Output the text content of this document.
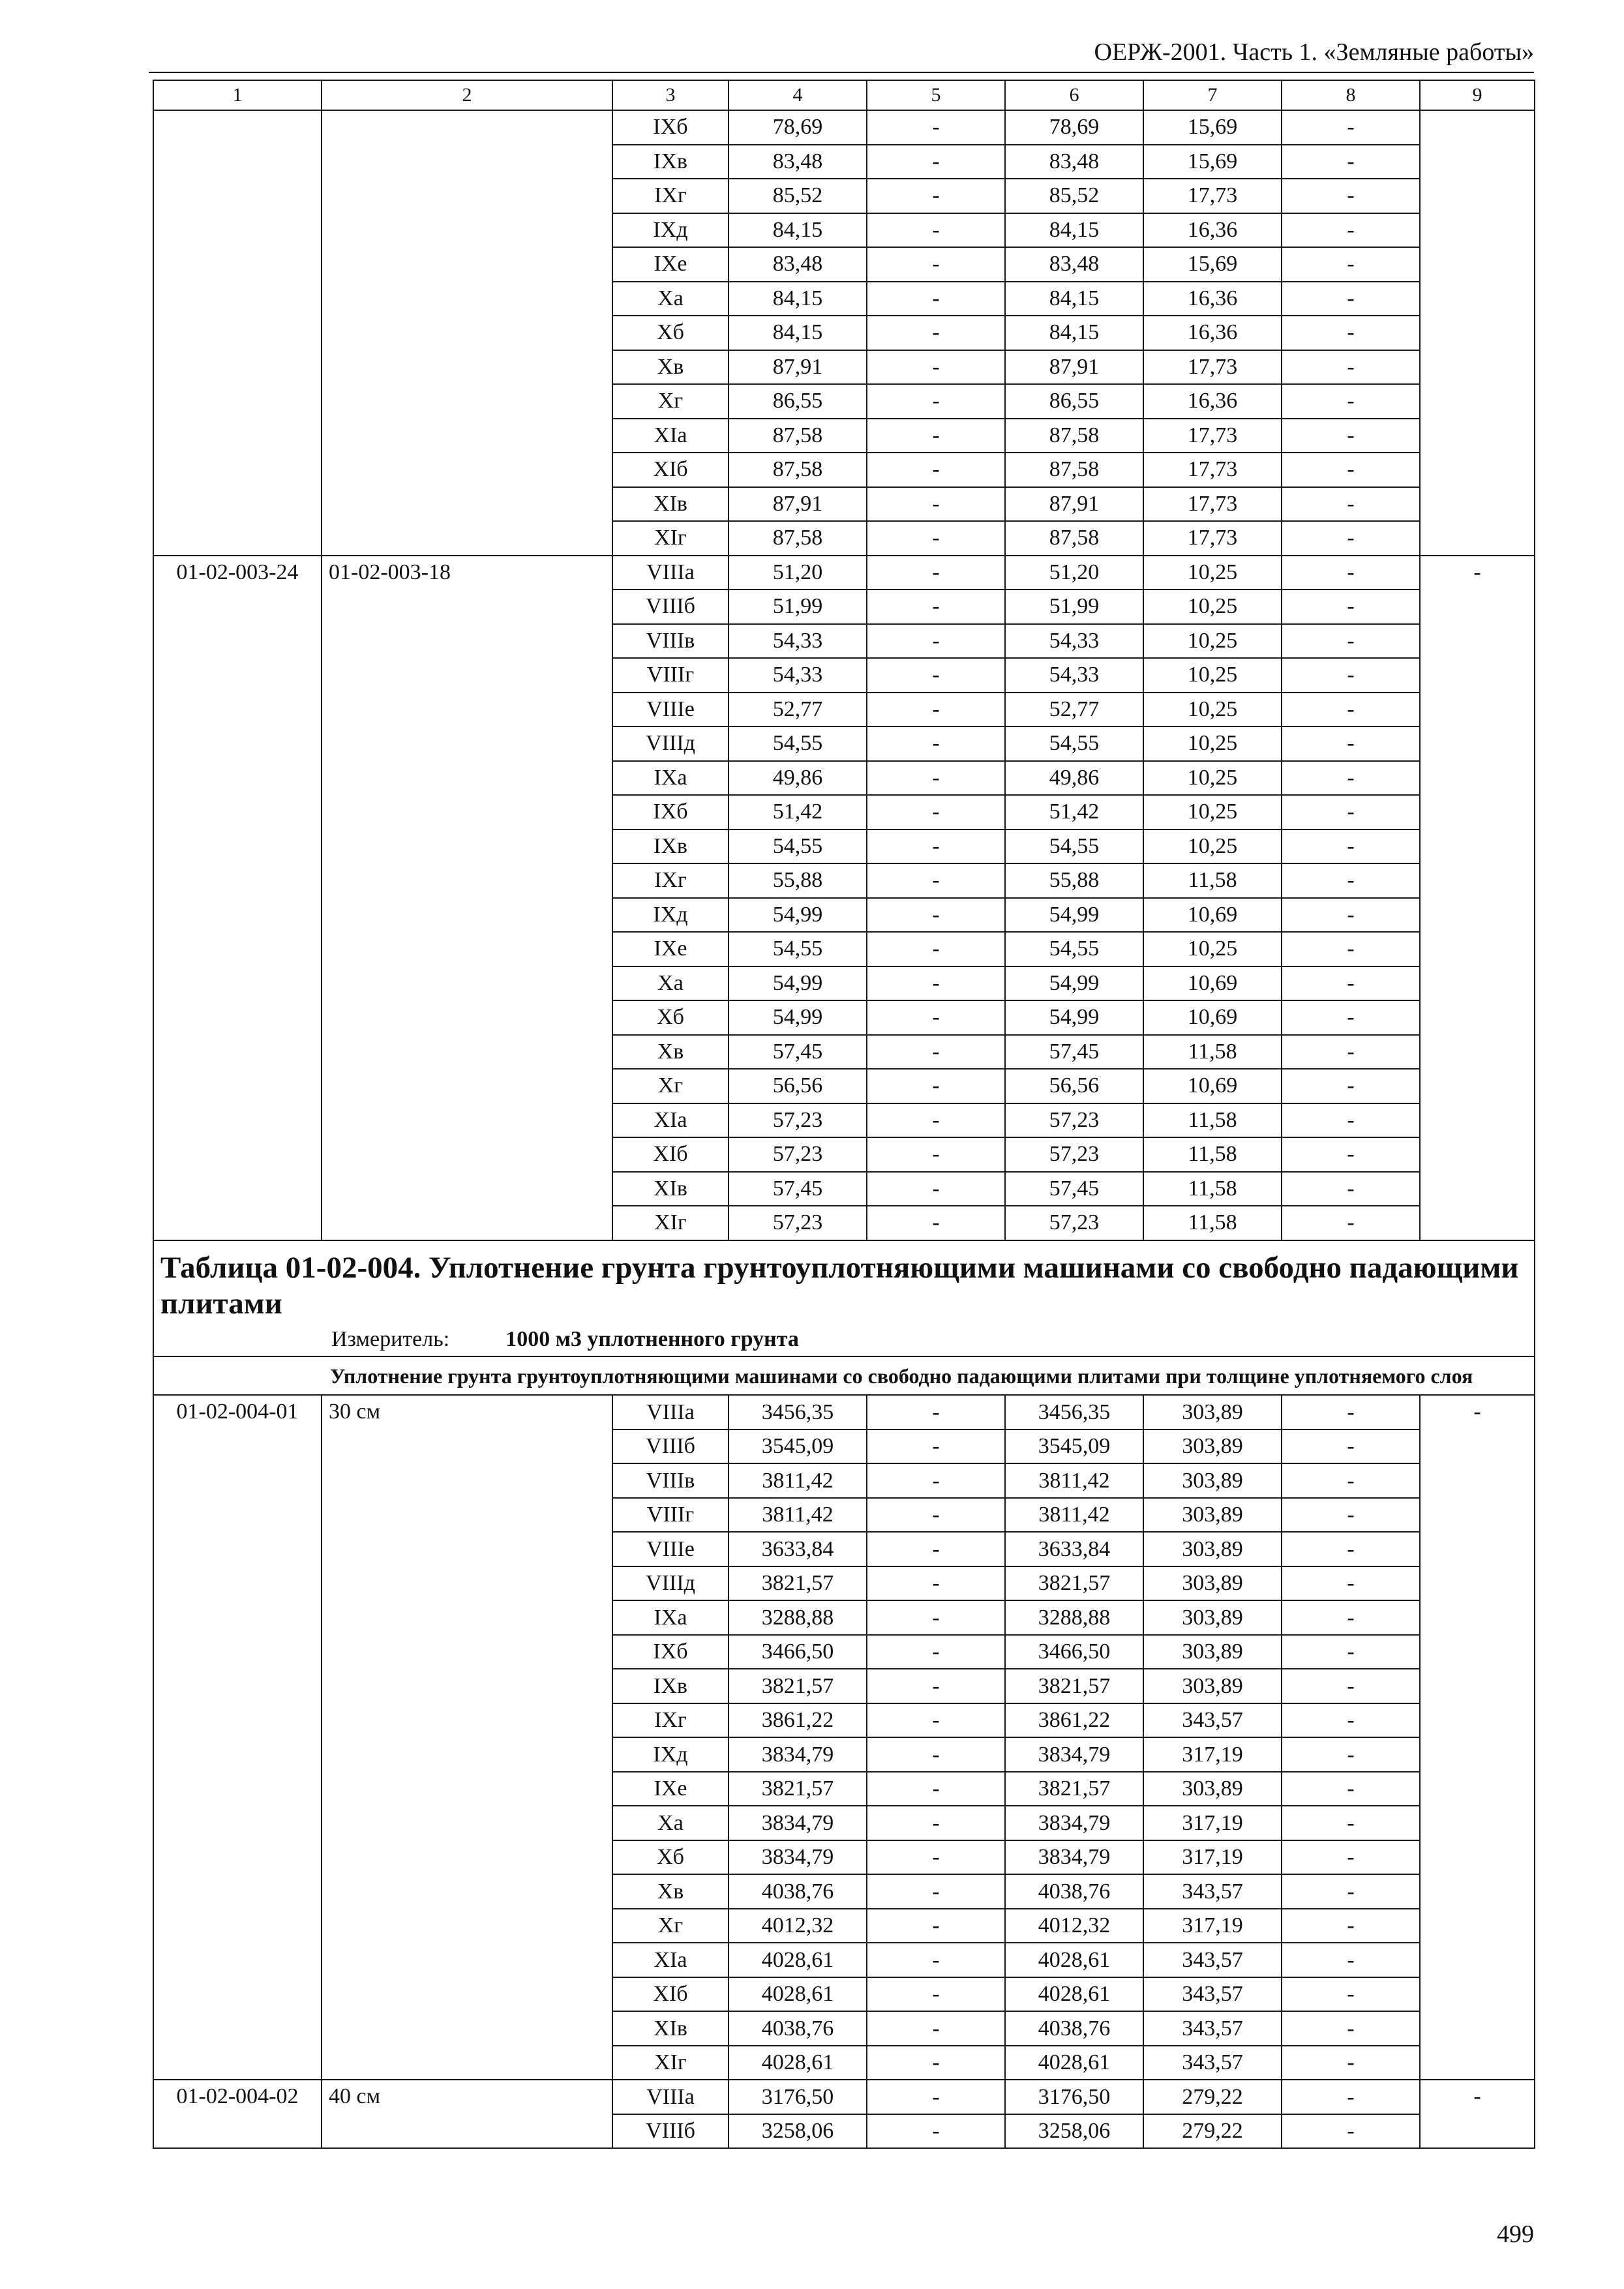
ОЕРЖ-2001. Часть 1. «Земляные работы»
1	2	3	4	5	6	7	8	9
		IXб	78,69	-	78,69	15,69	-	
		IXв	83,48	-	83,48	15,69	-	
		IXг	85,52	-	85,52	17,73	-	
		IXд	84,15	-	84,15	16,36	-	
		IXе	83,48	-	83,48	15,69	-	
		Xа	84,15	-	84,15	16,36	-	
		Xб	84,15	-	84,15	16,36	-	
		Xв	87,91	-	87,91	17,73	-	
		Xг	86,55	-	86,55	16,36	-	
		XIа	87,58	-	87,58	17,73	-	
		XIб	87,58	-	87,58	17,73	-	
		XIв	87,91	-	87,91	17,73	-	
		XIг	87,58	-	87,58	17,73	-	
01-02-003-24	01-02-003-18	VIIIа	51,20	-	51,20	10,25	-	-
		VIIIб	51,99	-	51,99	10,25	-	
		VIIIв	54,33	-	54,33	10,25	-	
		VIIIг	54,33	-	54,33	10,25	-	
		VIIIе	52,77	-	52,77	10,25	-	
		VIIIд	54,55	-	54,55	10,25	-	
		IXа	49,86	-	49,86	10,25	-	
		IXб	51,42	-	51,42	10,25	-	
		IXв	54,55	-	54,55	10,25	-	
		IXг	55,88	-	55,88	11,58	-	
		IXд	54,99	-	54,99	10,69	-	
		IXе	54,55	-	54,55	10,25	-	
		Xа	54,99	-	54,99	10,69	-	
		Xб	54,99	-	54,99	10,69	-	
		Xв	57,45	-	57,45	11,58	-	
		Xг	56,56	-	56,56	10,69	-	
		XIа	57,23	-	57,23	11,58	-	
		XIб	57,23	-	57,23	11,58	-	
		XIв	57,45	-	57,45	11,58	-	
		XIг	57,23	-	57,23	11,58	-	

Таблица 01-02-004. Уплотнение грунта грунтоуплотняющими машинами со свободно падающими плитами
Измеритель: 1000 м3 уплотненного грунта								

Уплотнение грунта грунтоуплотняющими машинами со свободно падающими плитами при толщине уплотняемого слоя								
01-02-004-01	30 см	VIIIа	3456,35	-	3456,35	303,89	-	-
		VIIIб	3545,09	-	3545,09	303,89	-	
		VIIIв	3811,42	-	3811,42	303,89	-	
		VIIIг	3811,42	-	3811,42	303,89	-	
		VIIIе	3633,84	-	3633,84	303,89	-	
		VIIIд	3821,57	-	3821,57	303,89	-	
		IXа	3288,88	-	3288,88	303,89	-	
		IXб	3466,50	-	3466,50	303,89	-	
		IXв	3821,57	-	3821,57	303,89	-	
		IXг	3861,22	-	3861,22	343,57	-	
		IXд	3834,79	-	3834,79	317,19	-	
		IXе	3821,57	-	3821,57	303,89	-	
		Xа	3834,79	-	3834,79	317,19	-	
		Xб	3834,79	-	3834,79	317,19	-	
		Xв	4038,76	-	4038,76	343,57	-	
		Xг	4012,32	-	4012,32	317,19	-	
		XIа	4028,61	-	4028,61	343,57	-	
		XIб	4028,61	-	4028,61	343,57	-	
		XIв	4038,76	-	4038,76	343,57	-	
		XIг	4028,61	-	4028,61	343,57	-	
01-02-004-02	40 см	VIIIа	3176,50	-	3176,50	279,22	-	-
		VIIIб	3258,06	-	3258,06	279,22	-	
499
